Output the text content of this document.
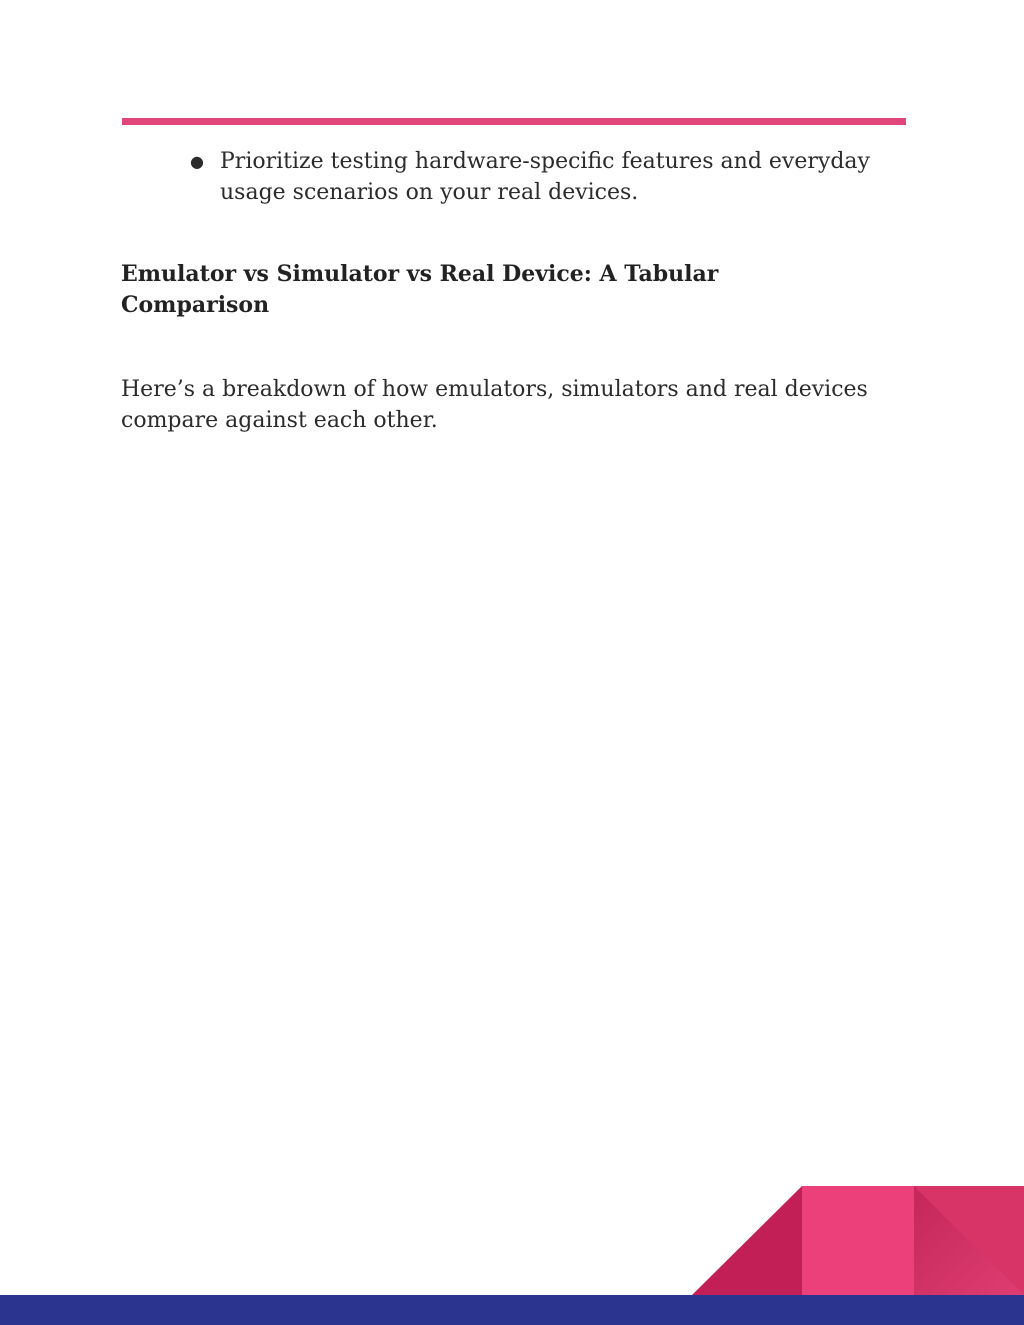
● Prioritize testing hardware-specific features and everyday usage scenarios on your real devices.
Emulator vs Simulator vs Real Device: A Tabular Comparison

Here’s a breakdown of how emulators, simulators and real devices compare against each other.
